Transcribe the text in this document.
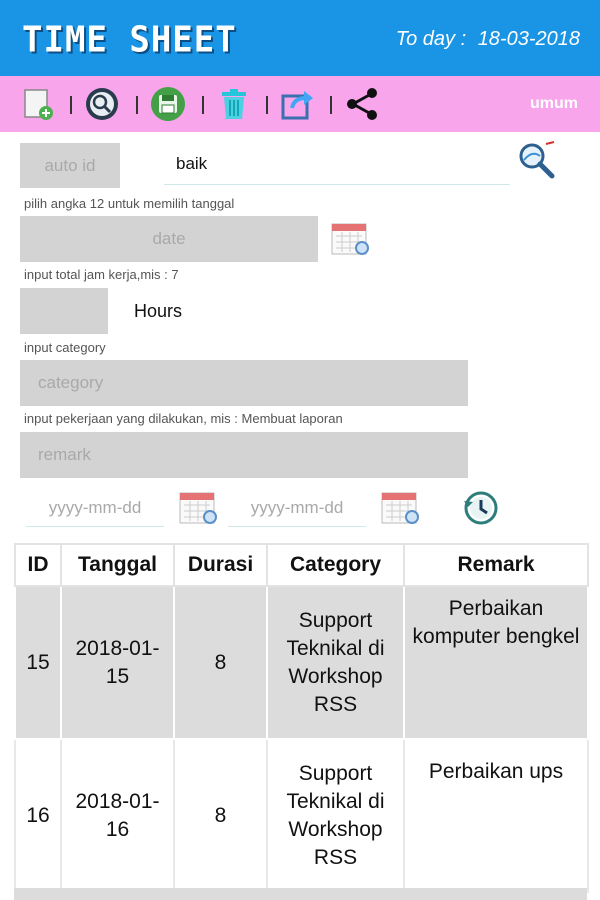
TIME SHEET	To day : 18-03-2018
umum
auto id	baik
pilih angka 12 untuk memilih tanggal
date
input total jam kerja,mis : 7
Hours
input category
category
input pekerjaan yang dilakukan, mis : Membuat laporan
remark
yyyy-mm-dd	yyyy-mm-dd
ID	Tanggal	Durasi	Category	Remark
15	2018-01-15	8	Support Teknikal di Workshop RSS	Perbaikan komputer bengkel
16	2018-01-16	8	Support Teknikal di Workshop RSS	Perbaikan ups
